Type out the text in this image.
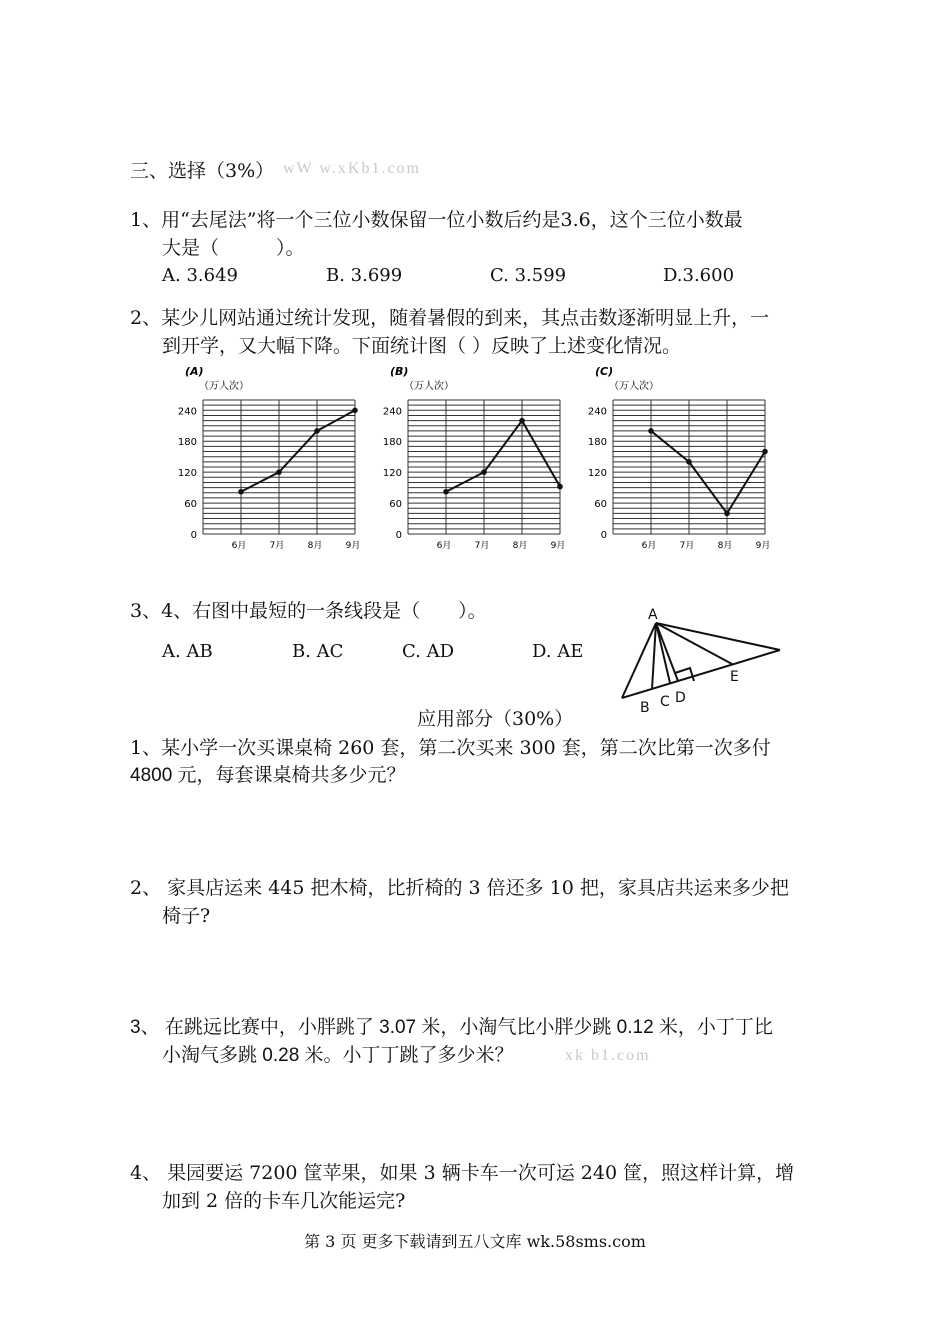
三、选择（3%） wW w.xKb1.com
1、用“去尾法”将一个三位小数保留一位小数后约是3.6，这个三位小数最
大是（　　　）。
A. 3.649	B. 3.699	C. 3.599	D.3.600
2、某少儿网站通过统计发现，随着暑假的到来，其点击数逐渐明显上升，一
到开学，又大幅下降。下面统计图（ ）反映了上述变化情况。
(A)
（万人次）
0
60
120
180
240
6月	7月	8月	9月
(B)
（万人次）
0
60
120
180
240
6月	7月	8月	9月
(C)
（万人次）
0
60
120
180
240
6月	7月	8月	9月
3、4、右图中最短的一条线段是（　　）。
A. AB	B. AC	C. AD	D. AE
A
B C D
E
应用部分（30%）
1、某小学一次买课桌椅 260 套，第二次买来 300 套，第二次比第一次多付
4800 元，每套课桌椅共多少元？
2、 家具店运来 445 把木椅，比折椅的 3 倍还多 10 把，家具店共运来多少把
椅子?
3、 在跳远比赛中，小胖跳了 3.07 米，小淘气比小胖少跳 0.12 米，小丁丁比
小淘气多跳 0.28 米。小丁丁跳了多少米？	xk b1.com
4、 果园要运 7200 筐苹果，如果 3 辆卡车一次可运 240 筐，照这样计算，增
加到 2 倍的卡车几次能运完?
第 3 页 更多下载请到五八文库 wk.58sms.com
